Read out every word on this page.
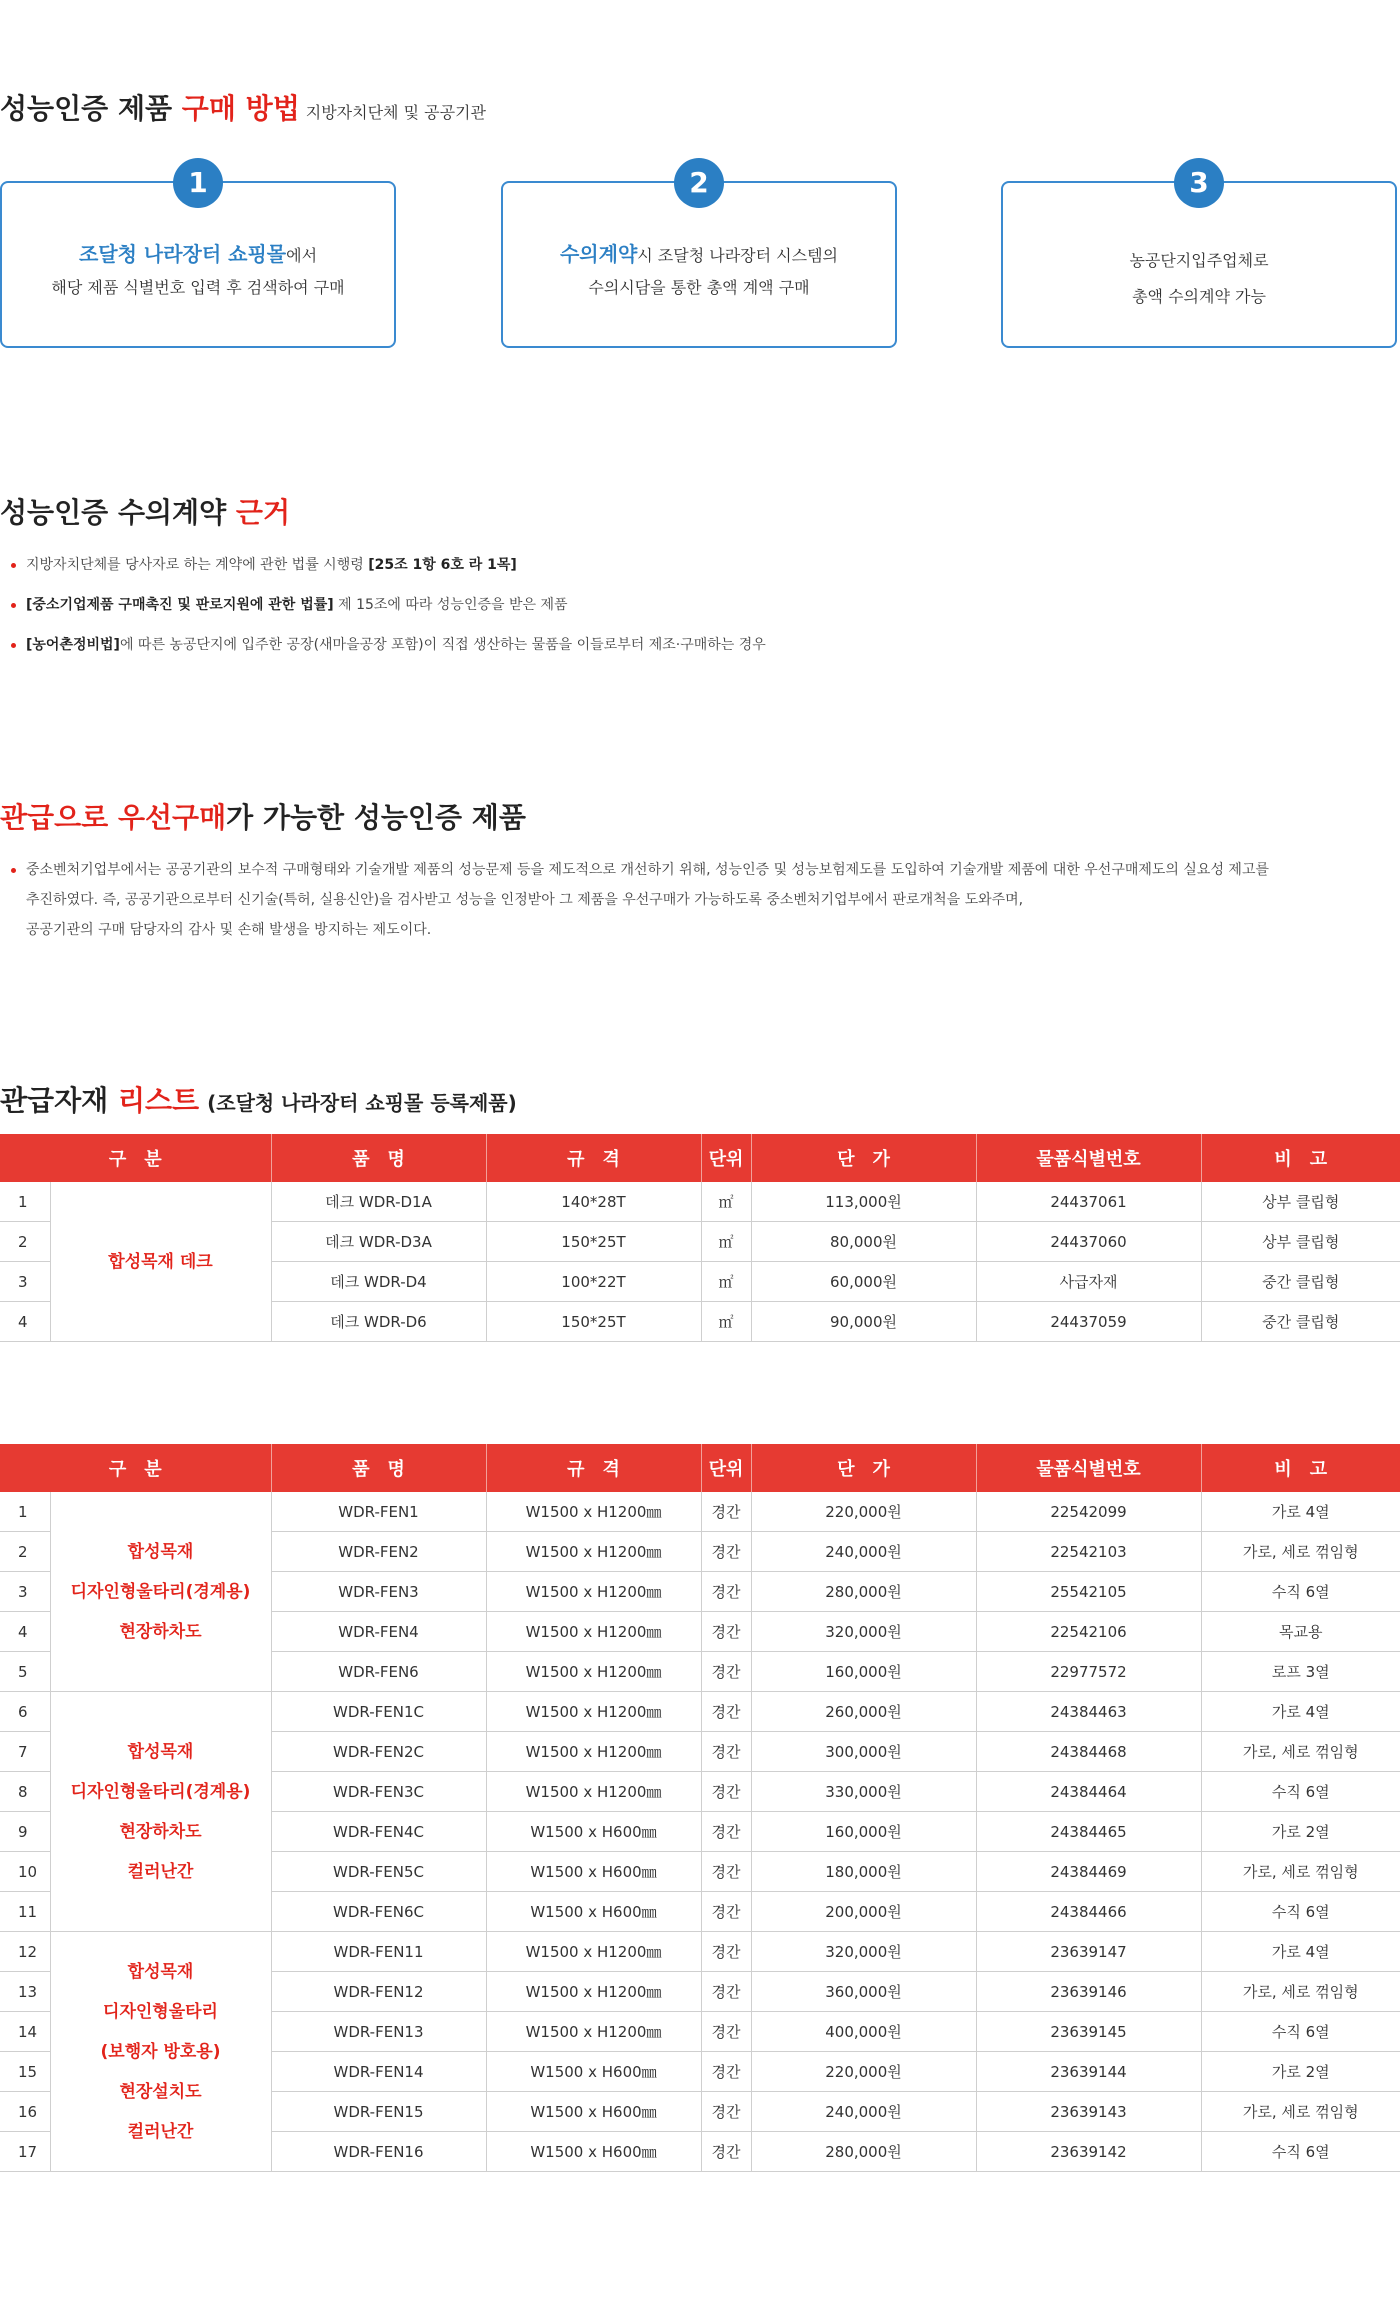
성능인증 제품 구매 방법 지방자치단체 및 공공기관
1
조달청 나라장터 쇼핑몰에서
해당 제품 식별번호 입력 후 검색하여 구매
2
수의계약시 조달청 나라장터 시스템의
수의시담을 통한 총액 계액 구매
3
농공단지입주업체로
총액 수의계약 가능
성능인증 수의계약 근거
지방자치단체를 당사자로 하는 계약에 관한 법률 시행령 [25조 1항 6호 라 1목]
[중소기업제품 구매촉진 및 판로지원에 관한 법률] 제 15조에 따라 성능인증을 받은 제품
[농어촌정비법]에 따른 농공단지에 입주한 공장(새마을공장 포함)이 직접 생산하는 물품을 이들로부터 제조·구매하는 경우
관급으로 우선구매가 가능한 성능인증 제품

중소벤처기업부에서는 공공기관의 보수적 구매형태와 기술개발 제품의 성능문제 등을 제도적으로 개선하기 위해, 성능인증 및 성능보험제도를 도입하여 기술개발 제품에 대한 우선구매제도의 실요성 제고를
추진하였다. 즉, 공공기관으로부터 신기술(특허, 실용신안)을 검사받고 성능을 인정받아 그 제품을 우선구매가 가능하도록 중소벤처기업부에서 판로개척을 도와주며,
공공기관의 구매 담당자의 감사 및 손해 발생을 방지하는 제도이다.

관급자재 리스트 (조달청 나라장터 쇼핑몰 등록제품)
구　분		품　명	규　격	단위	단　가	물품식별번호	비　고
1	합성목재 데크	데크 WDR-D1A	140*28T	㎡	113,000원	24437061	상부 클립형
2		데크 WDR-D3A	150*25T	㎡	80,000원	24437060	상부 클립형
3		데크 WDR-D4	100*22T	㎡	60,000원	사급자재	중간 클립형
4		데크 WDR-D6	150*25T	㎡	90,000원	24437059	중간 클립형
구　분		품　명	규　격	단위	단　가	물품식별번호	비　고
1	합성목재
디자인형울타리(경계용)
현장하차도	WDR-FEN1	W1500 x H1200㎜	경간	220,000원	22542099	가로 4열
2		WDR-FEN2	W1500 x H1200㎜	경간	240,000원	22542103	가로, 세로 꺾임형
3		WDR-FEN3	W1500 x H1200㎜	경간	280,000원	25542105	수직 6열
4		WDR-FEN4	W1500 x H1200㎜	경간	320,000원	22542106	목교용
5		WDR-FEN6	W1500 x H1200㎜	경간	160,000원	22977572	로프 3열
6	합성목재
디자인형울타리(경계용)
현장하차도
컬러난간	WDR-FEN1C	W1500 x H1200㎜	경간	260,000원	24384463	가로 4열
7		WDR-FEN2C	W1500 x H1200㎜	경간	300,000원	24384468	가로, 세로 꺾임형
8		WDR-FEN3C	W1500 x H1200㎜	경간	330,000원	24384464	수직 6열
9		WDR-FEN4C	W1500 x H600㎜	경간	160,000원	24384465	가로 2열
10		WDR-FEN5C	W1500 x H600㎜	경간	180,000원	24384469	가로, 세로 꺾임형
11		WDR-FEN6C	W1500 x H600㎜	경간	200,000원	24384466	수직 6열
12	합성목재
디자인형울타리
(보행자 방호용)
현장설치도
컬러난간	WDR-FEN11	W1500 x H1200㎜	경간	320,000원	23639147	가로 4열
13		WDR-FEN12	W1500 x H1200㎜	경간	360,000원	23639146	가로, 세로 꺾임형
14		WDR-FEN13	W1500 x H1200㎜	경간	400,000원	23639145	수직 6열
15		WDR-FEN14	W1500 x H600㎜	경간	220,000원	23639144	가로 2열
16		WDR-FEN15	W1500 x H600㎜	경간	240,000원	23639143	가로, 세로 꺾임형
17		WDR-FEN16	W1500 x H600㎜	경간	280,000원	23639142	수직 6열
